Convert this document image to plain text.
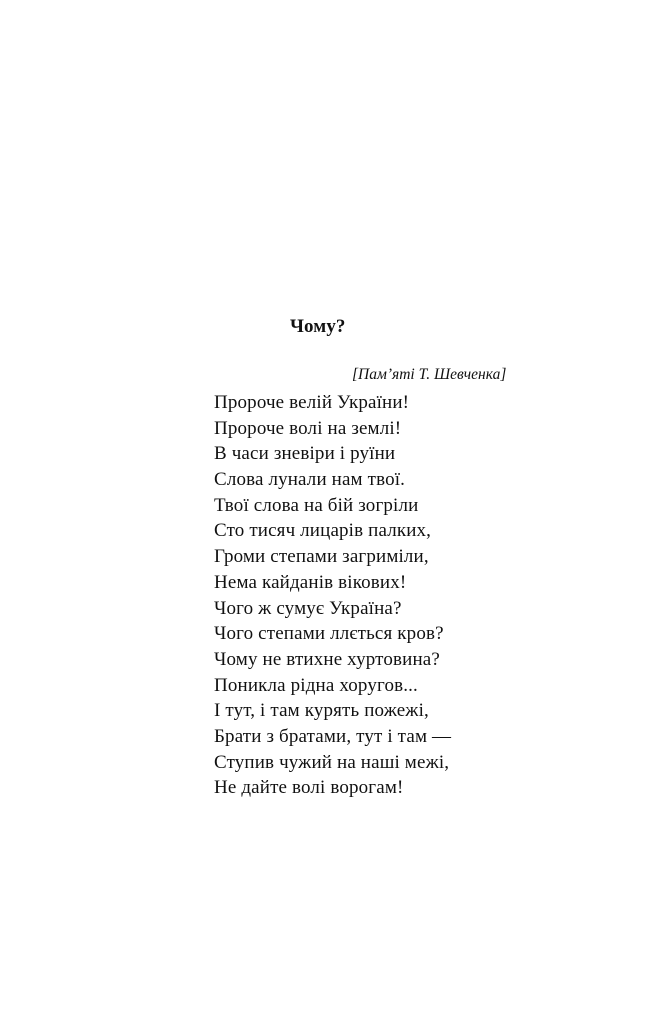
Чому?
[Пам’яті Т. Шевченка]
Пророче велій України!
Пророче волі на землі!
В часи зневіри і руїни
Слова лунали нам твої.
Твої слова на бій зогріли
Сто тисяч лицарів палких,
Громи степами загриміли,
Нема кайданів вікових!
Чого ж сумує Україна?
Чого степами ллється кров?
Чому не втихне хуртовина?
Поникла рідна хоругов...
І тут, і там курять пожежі,
Брати з братами, тут і там —
Ступив чужий на наші межі,
Не дайте волі ворогам!
